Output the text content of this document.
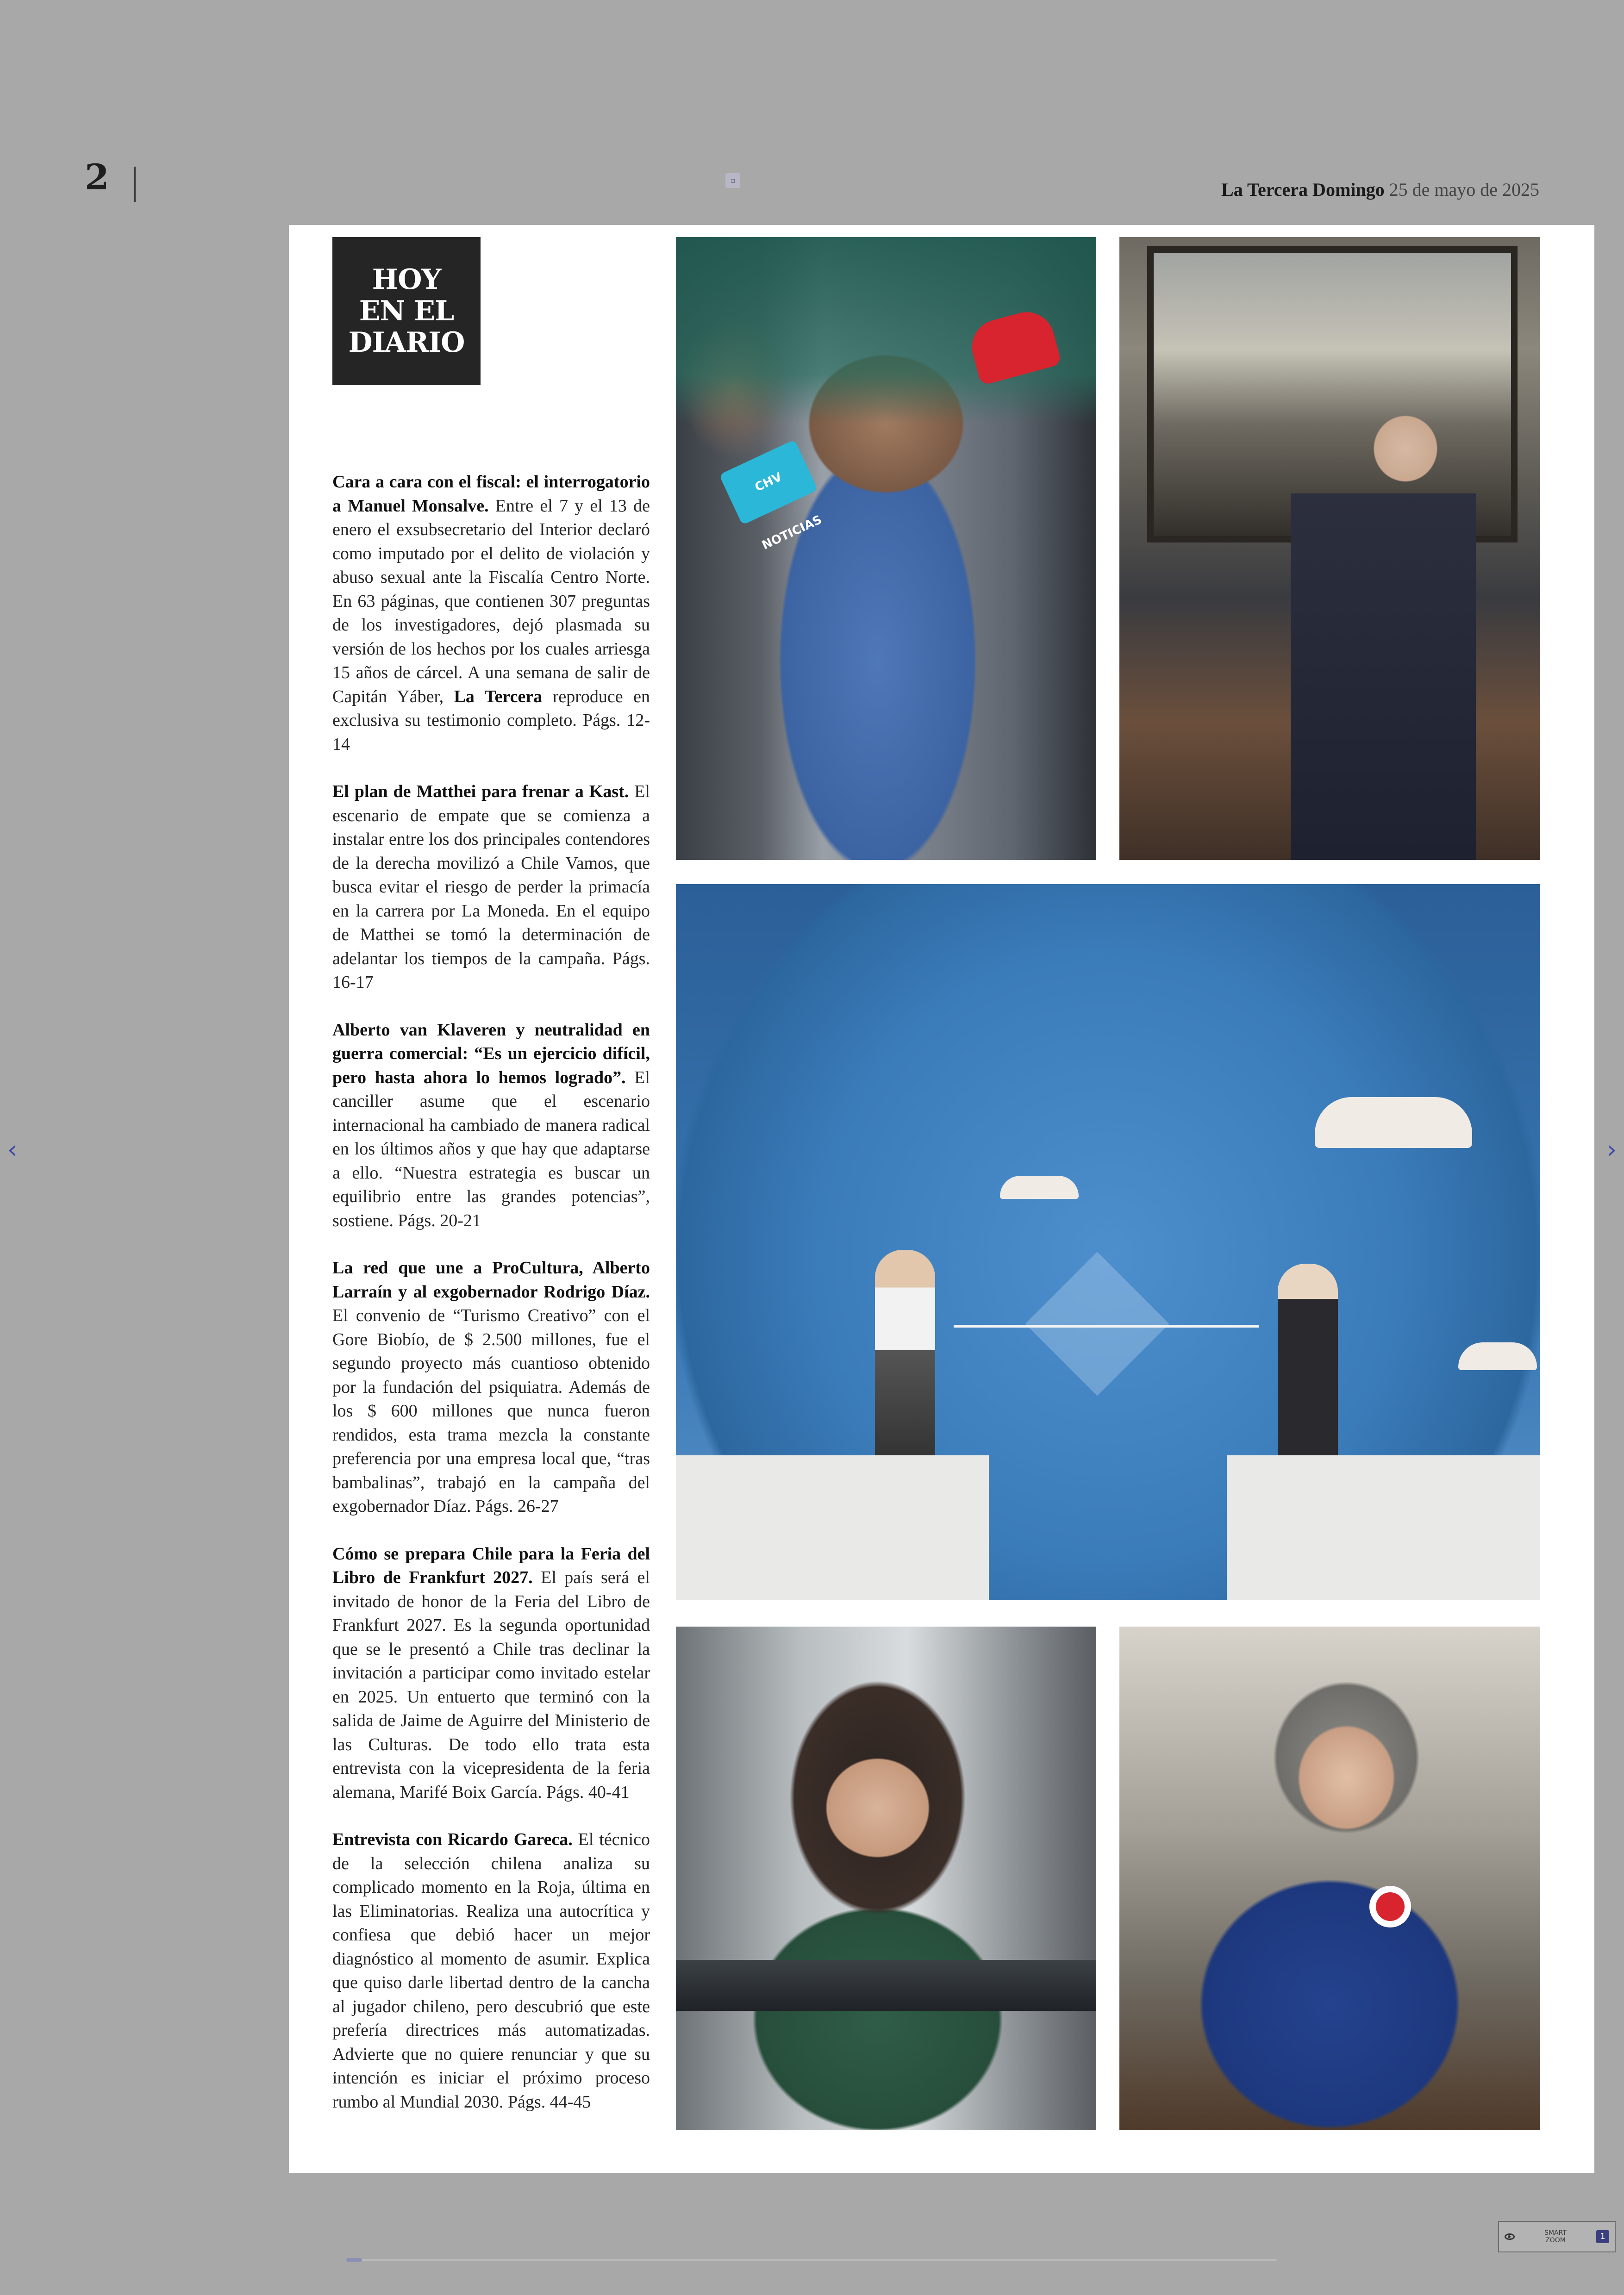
2	▫	La Tercera Domingo 25 de mayo de 2025
HOY
EN EL
DIARIO

Cara a cara con el fiscal: el interrogatorio a Manuel Monsalve. Entre el 7 y el 13 de enero el exsubsecretario del Interior declaró como imputado por el delito de violación y abuso sexual ante la Fiscalía Centro Norte. En 63 páginas, que contienen 307 preguntas de los investigadores, dejó plasmada su versión de los hechos por los cuales arriesga 15 años de cárcel. A una semana de salir de Capitán Yáber, La Tercera reproduce en exclusiva su testimonio completo. Págs. 12-14

El plan de Matthei para frenar a Kast. El escenario de empate que se comienza a instalar entre los dos principales contendores de la derecha movilizó a Chile Vamos, que busca evitar el riesgo de perder la primacía en la carrera por La Moneda. En el equipo de Matthei se tomó la determinación de adelantar los tiempos de la campaña. Págs. 16-17

Alberto van Klaveren y neutralidad en guerra comercial: “Es un ejercicio difícil, pero hasta ahora lo hemos logrado”. El canciller asume que el escenario internacional ha cambiado de manera radical en los últimos años y que hay que adaptarse a ello. “Nuestra estrategia es buscar un equilibrio entre las grandes potencias”, sostiene. Págs. 20-21

La red que une a ProCultura, Alberto Larraín y al exgobernador Rodrigo Díaz. El convenio de “Turismo Creativo” con el Gore Biobío, de $ 2.500 millones, fue el segundo proyecto más cuantioso obtenido por la fundación del psiquiatra. Además de los $ 600 millones que nunca fueron rendidos, esta trama mezcla la constante preferencia por una empresa local que, “tras bambalinas”, trabajó en la campaña del exgobernador Díaz. Págs. 26-27

Cómo se prepara Chile para la Feria del Libro de Frankfurt 2027. El país será el invitado de honor de la Feria del Libro de Frankfurt 2027. Es la segunda oportunidad que se le presentó a Chile tras declinar la invitación a participar como invitado estelar en 2025. Un entuerto que terminó con la salida de Jaime de Aguirre del Ministerio de las Culturas. De todo ello trata esta entrevista con la vicepresidenta de la feria alemana, Marifé Boix García. Págs. 40-41

Entrevista con Ricardo Gareca. El técnico de la selección chilena analiza su complicado momento en la Roja, última en las Eliminatorias. Realiza una autocrítica y confiesa que debió hacer un mejor diagnóstico al momento de asumir. Explica que quiso darle libertad dentro de la cancha al jugador chileno, pero descubrió que este prefería directrices más automatizadas. Advierte que no quiere renunciar y que su intención es iniciar el próximo proceso rumbo al Mundial 2030. Págs. 44-45

CHV NOTICIAS
‹	›
SMART
ZOOM	1
